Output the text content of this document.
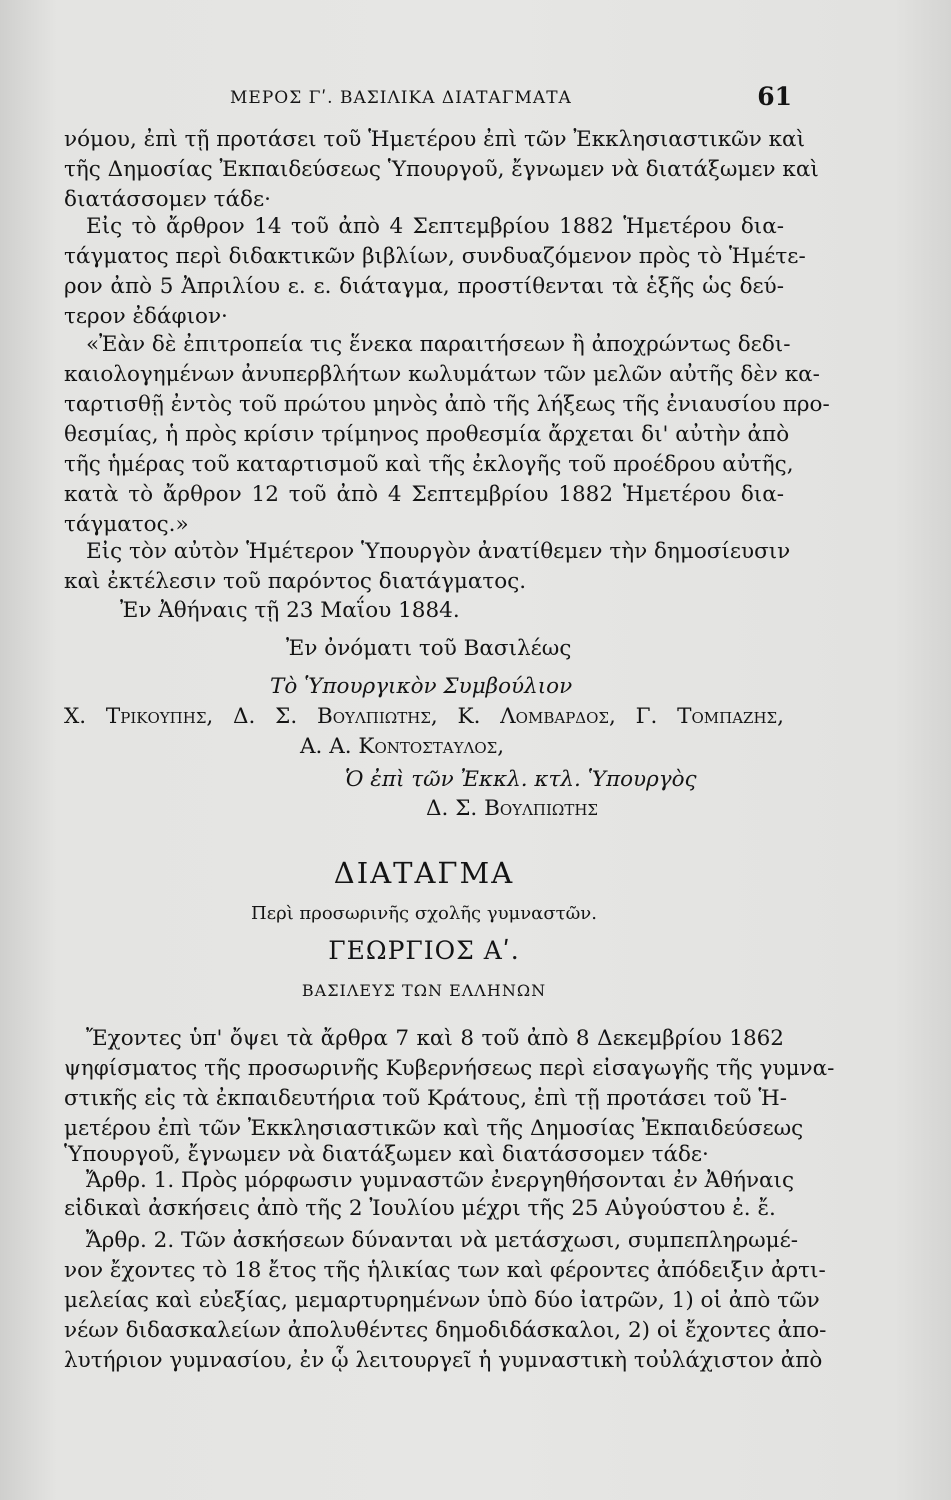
ΜΕΡΟΣ Γʹ. ΒΑΣΙΛΙΚΑ ΔΙΑΤΑΓΜΑΤΑ	61
νόμου, ἐπὶ τῇ προτάσει τοῦ Ἡμετέρου ἐπὶ τῶν Ἐκκλησιαστικῶν καὶ
τῆς Δημοσίας Ἐκπαιδεύσεως Ὑπουργοῦ, ἔγνωμεν νὰ διατάξωμεν καὶ
διατάσσομεν τάδε·
Εἰς τὸ ἄρθρον 14 τοῦ ἀπὸ 4 Σεπτεμβρίου 1882 Ἡμετέρου δια-
τάγματος περὶ διδακτικῶν βιβλίων, συνδυαζόμενον πρὸς τὸ Ἡμέτε-
ρον ἀπὸ 5 Ἀπριλίου ε. ε. διάταγμα, προστίθενται τὰ ἑξῆς ὡς δεύ-
τερον ἐδάφιον·
«Ἐὰν δὲ ἐπιτροπεία τις ἕνεκα παραιτήσεων ἢ ἀποχρώντως δεδι-
καιολογημένων ἀνυπερβλήτων κωλυμάτων τῶν μελῶν αὐτῆς δὲν κα-
ταρτισθῇ ἐντὸς τοῦ πρώτου μηνὸς ἀπὸ τῆς λήξεως τῆς ἐνιαυσίου προ-
θεσμίας, ἡ πρὸς κρίσιν τρίμηνος προθεσμία ἄρχεται δι' αὐτὴν ἀπὸ
τῆς ἡμέρας τοῦ καταρτισμοῦ καὶ τῆς ἐκλογῆς τοῦ προέδρου αὐτῆς,
κατὰ τὸ ἄρθρον 12 τοῦ ἀπὸ 4 Σεπτεμβρίου 1882 Ἡμετέρου δια-
τάγματος.»
Εἰς τὸν αὐτὸν Ἡμέτερον Ὑπουργὸν ἀνατίθεμεν τὴν δημοσίευσιν
καὶ ἐκτέλεσιν τοῦ παρόντος διατάγματος.
Ἐν Ἀθήναις τῇ 23 Μαΐου 1884.
Ἐν ὀνόματι τοῦ Βασιλέως
Τὸ Ὑπουργικὸν Συμβούλιον
Χ. Τρικουπης, Δ. Σ. Βουλπιωτης, Κ. Λομβαρδος, Γ. Τομπαζης,
Α. Α. Κοντοσταυλος,
Ὁ ἐπὶ τῶν Ἐκκλ. κτλ. Ὑπουργὸς
Δ. Σ. Βουλπιωτης
ΔΙΑΤΑΓΜΑ
Περὶ προσωρινῆς σχολῆς γυμναστῶν.
ΓΕΩΡΓΙΟΣ Αʹ.
ΒΑΣΙΛΕΥΣ ΤΩΝ ΕΛΛΗΝΩΝ
Ἔχοντες ὑπ' ὄψει τὰ ἄρθρα 7 καὶ 8 τοῦ ἀπὸ 8 Δεκεμβρίου 1862
ψηφίσματος τῆς προσωρινῆς Κυβερνήσεως περὶ εἰσαγωγῆς τῆς γυμνα-
στικῆς εἰς τὰ ἐκπαιδευτήρια τοῦ Κράτους, ἐπὶ τῇ προτάσει τοῦ Ἡ-
μετέρου ἐπὶ τῶν Ἐκκλησιαστικῶν καὶ τῆς Δημοσίας Ἐκπαιδεύσεως
Ὑπουργοῦ, ἔγνωμεν νὰ διατάξωμεν καὶ διατάσσομεν τάδε·
Ἄρθρ. 1. Πρὸς μόρφωσιν γυμναστῶν ἐνεργηθήσονται ἐν Ἀθήναις
εἰδικαὶ ἀσκήσεις ἀπὸ τῆς 2 Ἰουλίου μέχρι τῆς 25 Αὐγούστου ἐ. ἔ.
Ἄρθρ. 2. Τῶν ἀσκήσεων δύνανται νὰ μετάσχωσι, συμπεπληρωμέ-
νον ἔχοντες τὸ 18 ἔτος τῆς ἡλικίας των καὶ φέροντες ἀπόδειξιν ἀρτι-
μελείας καὶ εὐεξίας, μεμαρτυρημένων ὑπὸ δύο ἰατρῶν, 1) οἱ ἀπὸ τῶν
νέων διδασκαλείων ἀπολυθέντες δημοδιδάσκαλοι, 2) οἱ ἔχοντες ἀπο-
λυτήριον γυμνασίου, ἐν ᾧ λειτουργεῖ ἡ γυμναστικὴ τοὐλάχιστον ἀπὸ
